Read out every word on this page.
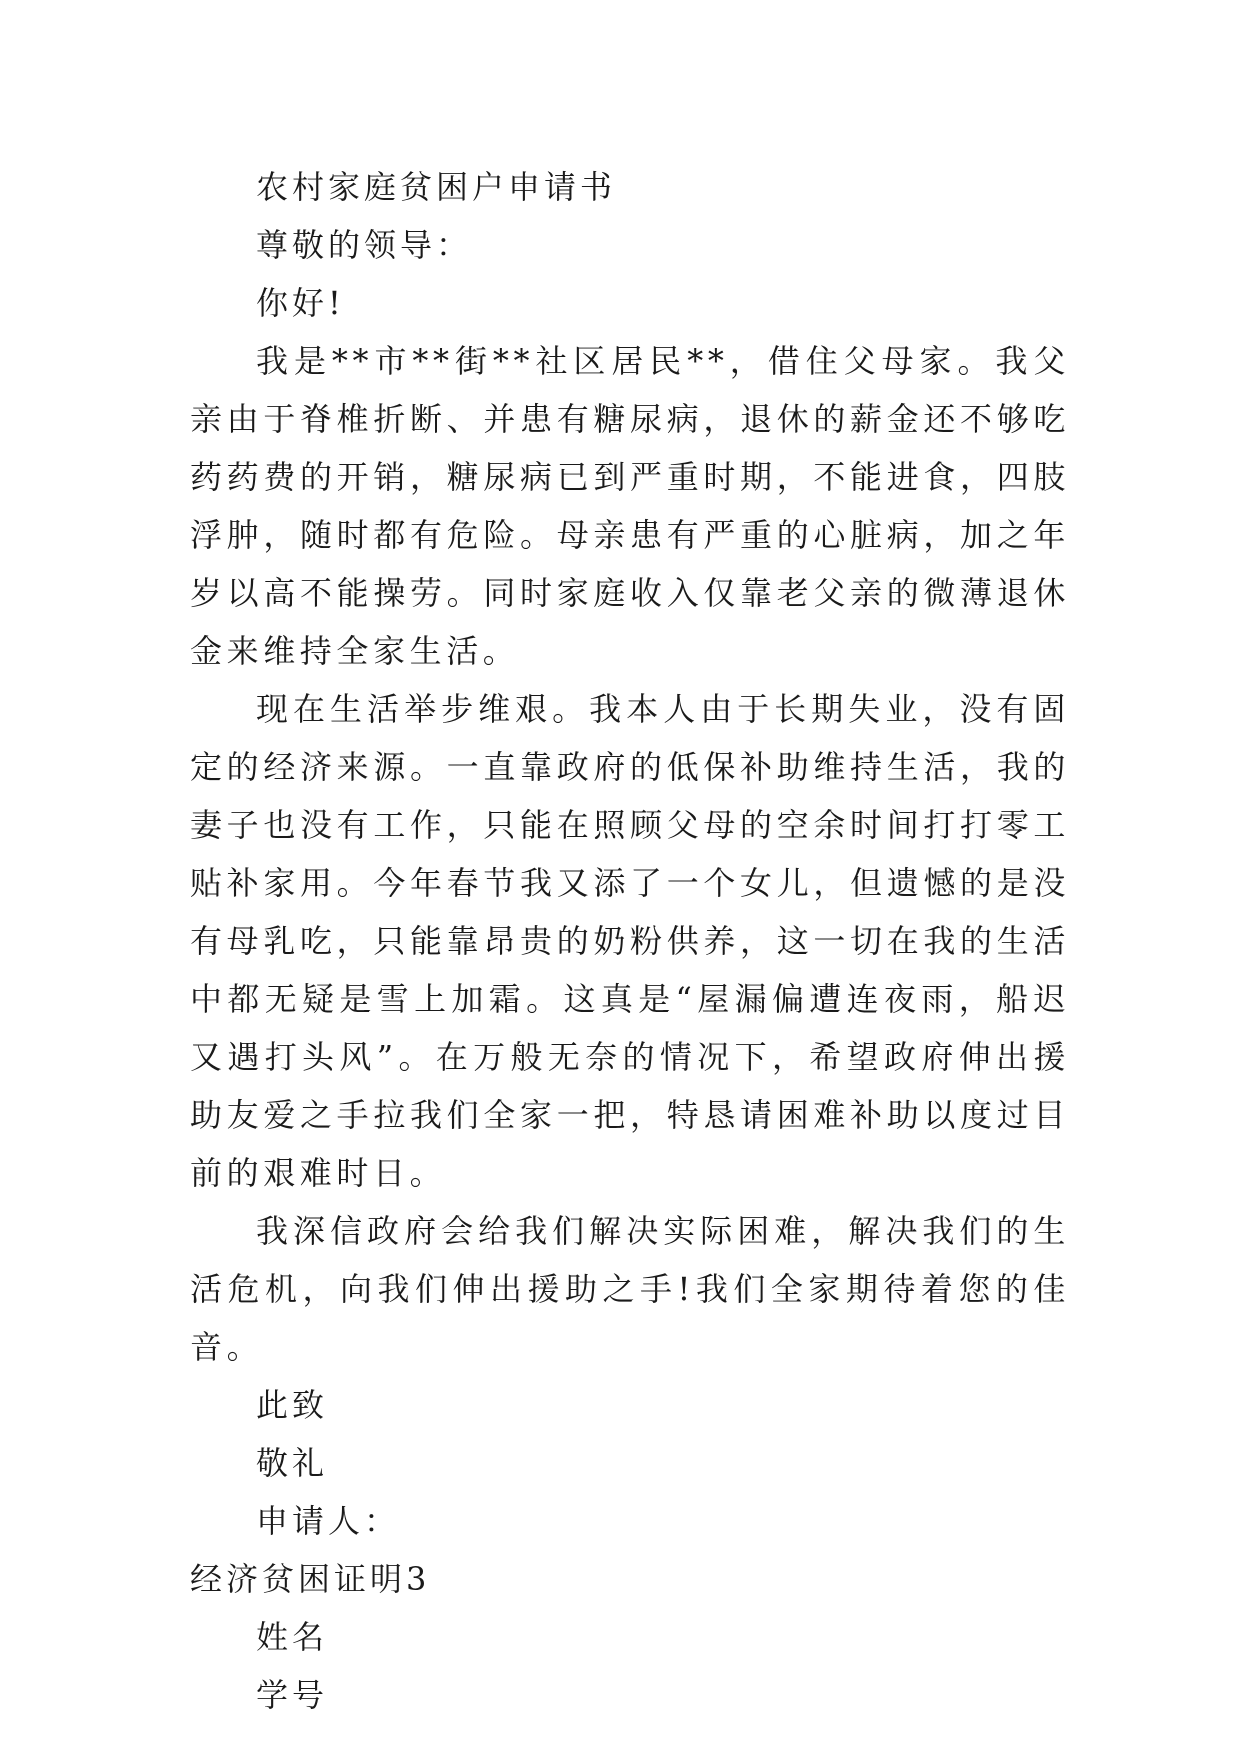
农村家庭贫困户申请书
尊敬的领导：
你好!
我是**市**街**社区居民**，借住父母家。我父亲由于脊椎折断、并患有糖尿病，退休的薪金还不够吃药药费的开销，糖尿病已到严重时期，不能进食，四肢浮肿，随时都有危险。母亲患有严重的心脏病，加之年岁以高不能操劳。同时家庭收入仅靠老父亲的微薄退休金来维持全家生活。
现在生活举步维艰。我本人由于长期失业，没有固定的经济来源。一直靠政府的低保补助维持生活，我的妻子也没有工作，只能在照顾父母的空余时间打打零工贴补家用。今年春节我又添了一个女儿，但遗憾的是没有母乳吃，只能靠昂贵的奶粉供养，这一切在我的生活中都无疑是雪上加霜。这真是“屋漏偏遭连夜雨，船迟又遇打头风”。在万般无奈的情况下，希望政府伸出援助友爱之手拉我们全家一把，特恳请困难补助以度过目前的艰难时日。
我深信政府会给我们解决实际困难，解决我们的生活危机，向我们伸出援助之手!我们全家期待着您的佳音。
此致
敬礼
申请人：
经济贫困证明3
姓名
学号
